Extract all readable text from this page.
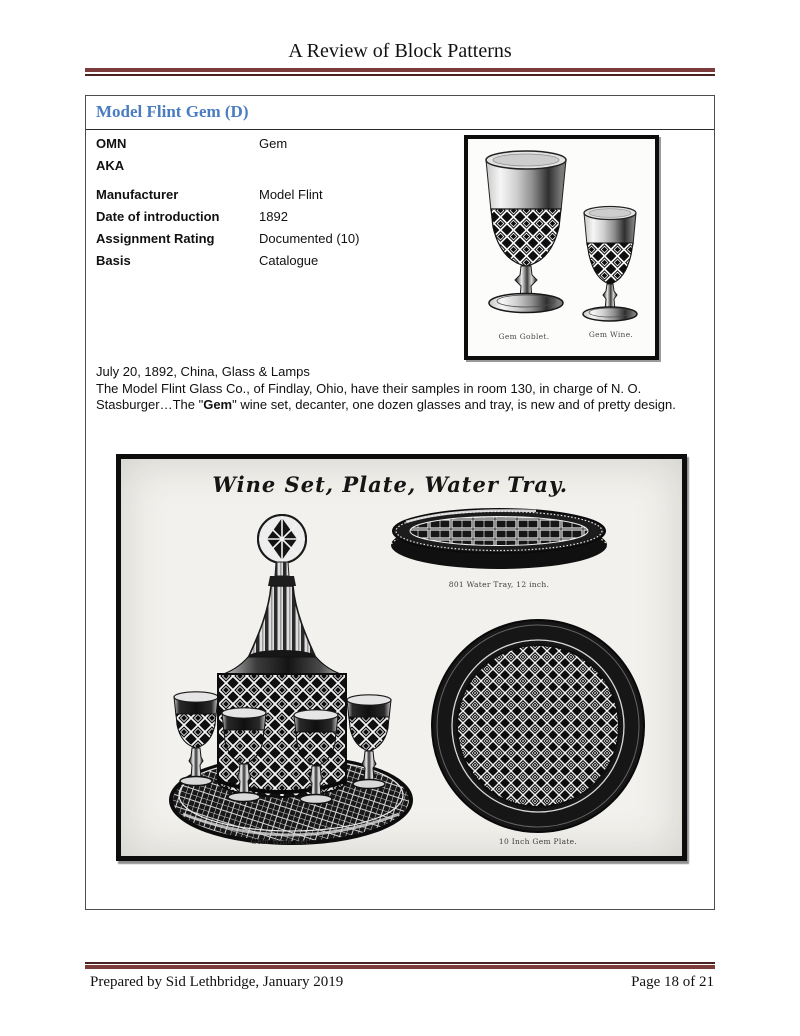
A Review of Block Patterns
Model Flint Gem (D)
OMN	Gem
AKA
Manufacturer	Model Flint
Date of introduction	1892
Assignment Rating	Documented (10)
Basis	Catalogue
Gem Goblet.	Gem Wine.
July 20, 1892, China, Glass & Lamps
The Model Flint Glass Co., of Findlay, Ohio, have their samples in room 130, in charge of N. O.
Stasburger…The "Gem" wine set, decanter, one dozen glasses and tray, is new and of pretty design.
Wine Set, Plate, Water Tray.
Gem Wine Set.
801 Water Tray, 12 inch.
10 Inch Gem Plate.
Prepared by Sid Lethbridge, January 2019	Page 18 of 21
